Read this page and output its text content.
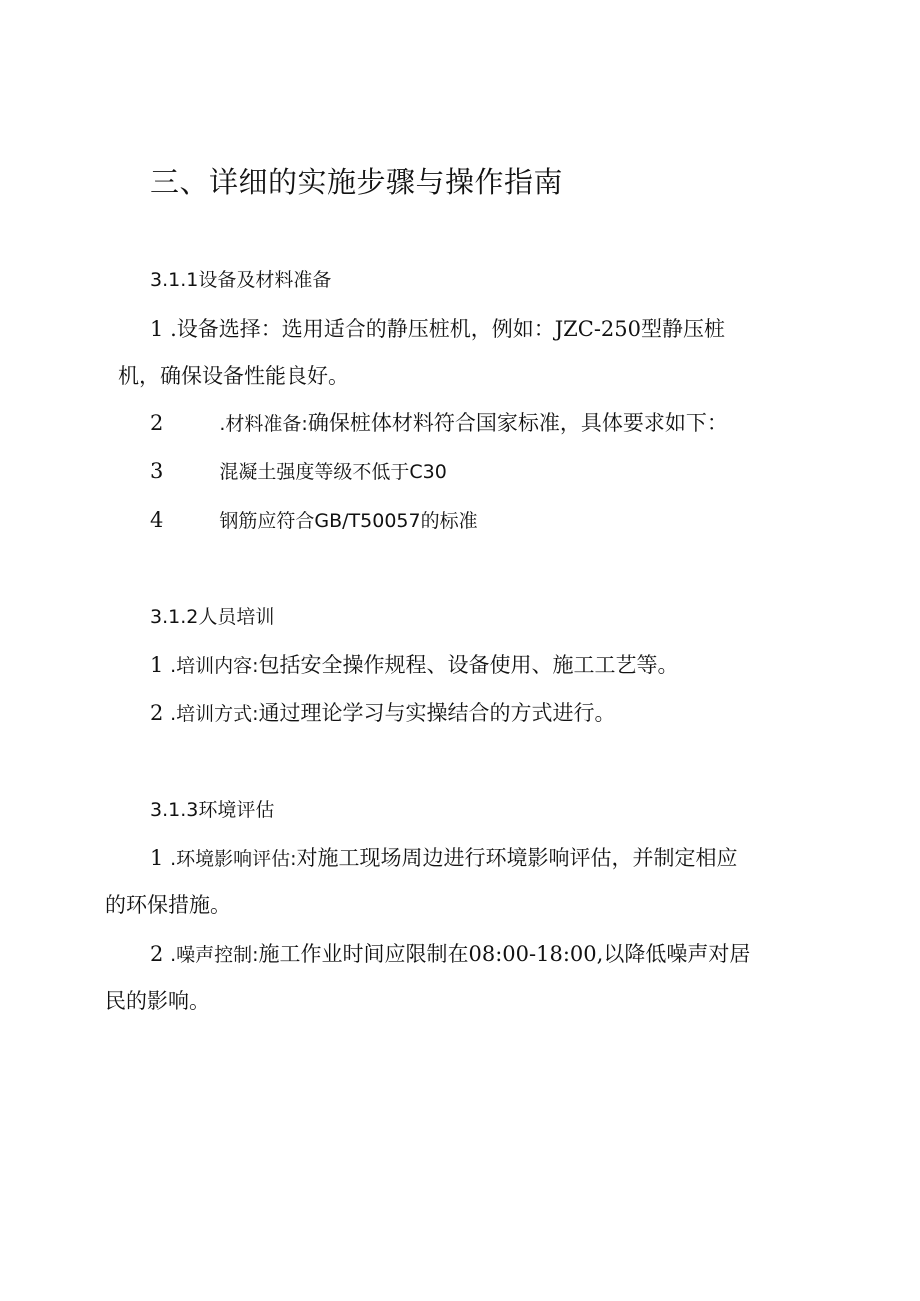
三、详细的实施步骤与操作指南
3.1.1设备及材料准备
1 .设备选择：选用适合的静压桩机，例如：JZC-250型静压桩
机，确保设备性能良好。
2	.材料准备:确保桩体材料符合国家标准，具体要求如下：
3	混凝土强度等级不低于C30
4	钢筋应符合GB/T50057的标准
3.1.2人员培训
1 .培训内容:包括安全操作规程、设备使用、施工工艺等。
2 .培训方式:通过理论学习与实操结合的方式进行。
3.1.3环境评估
1 .环境影响评估:对施工现场周边进行环境影响评估，并制定相应
的环保措施。
2 .噪声控制:施工作业时间应限制在08:00-18:00,以降低噪声对居
民的影响。
